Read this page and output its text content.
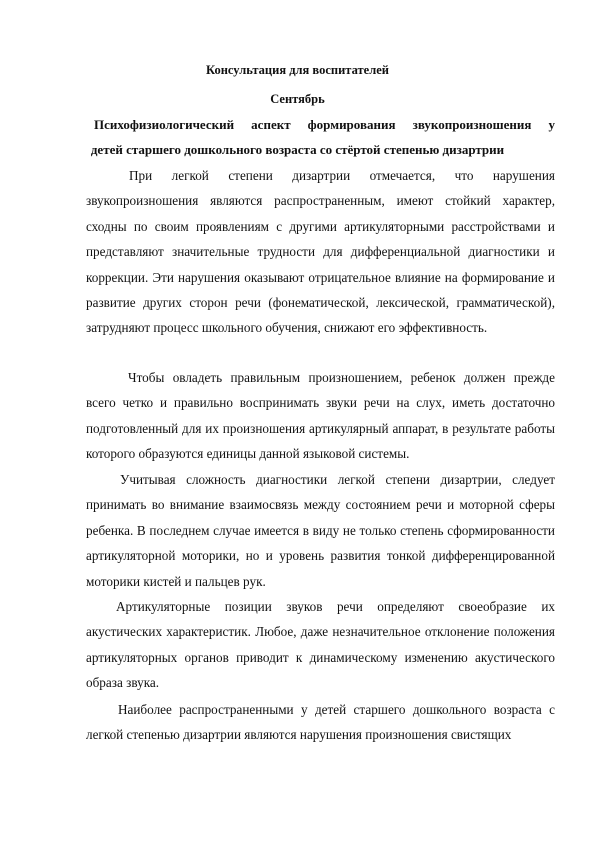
Консультация для воспитателей
Сентябрь
Психофизиологический аспект формирования звукопроизношения у
детей старшего дошкольного возраста со стёртой степенью дизартрии

При легкой степени дизартрии отмечается, что нарушения звукопроизношения являются распространенным, имеют стойкий характер, сходны по своим проявлениям с другими артикуляторными расстройствами и представляют значительные трудности для дифференциальной диагностики и коррекции. Эти нарушения оказывают отрицательное влияние на формирование и развитие других сторон речи (фонематической, лексической, грамматической), затрудняют процесс школьного обучения, снижают его эффективность.

Чтобы овладеть правильным произношением, ребенок должен прежде всего четко и правильно воспринимать звуки речи на слух, иметь достаточно подготовленный для их произношения артикулярный аппарат, в результате работы которого образуются единицы данной языковой системы.

Учитывая сложность диагностики легкой степени дизартрии, следует принимать во внимание взаимосвязь между состоянием речи и моторной сферы ребенка. В последнем случае имеется в виду не только степень сформированности артикуляторной моторики, но и уровень развития тонкой дифференцированной моторики кистей и пальцев рук.

Артикуляторные позиции звуков речи определяют своеобразие их акустических характеристик. Любое, даже незначительное отклонение положения артикуляторных органов приводит к динамическому изменению акустического образа звука.

Наиболее распространенными у детей старшего дошкольного возраста с легкой степенью дизартрии являются нарушения произношения свистящих
